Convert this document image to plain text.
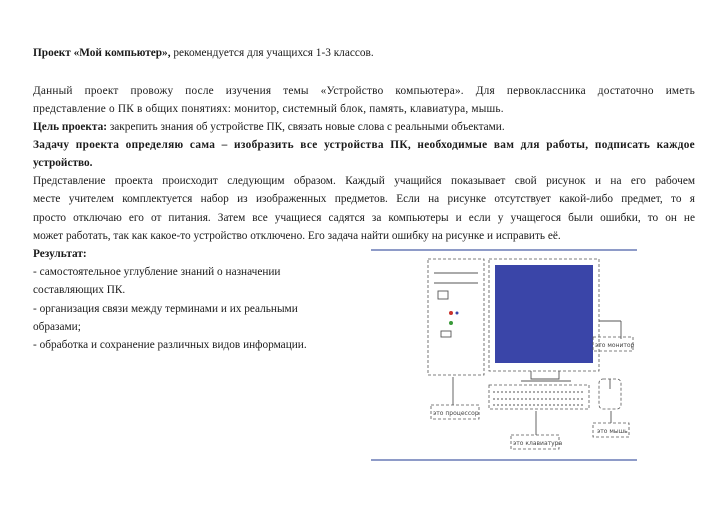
Проект «Мой компьютер», рекомендуется для учащихся 1-3 классов.

Данный проект провожу после изучения темы «Устройство компьютера». Для первоклассника достаточно иметь
представление о ПК в общих понятиях: монитор, системный блок, память, клавиатура, мышь.

Цель проекта: закрепить знания об устройстве ПК, связать новые слова с реальными объектами.

Задачу проекта определяю сама – изобразить все устройства ПК, необходимые вам для работы, подписать каждое
устройство.

Представление проекта происходит следующим образом. Каждый учащийся показывает свой рисунок и на его рабочем
месте учителем комплектуется набор из изображенных предметов. Если на рисунке отсутствует какой-либо предмет, то я
просто отключаю его от питания. Затем все учащиеся садятся за компьютеры и если у учащегося были ошибки, то он не
может работать, так как какое-то устройство отключено. Его задача найти ошибку на рисунке и исправить её.

Результат:
- самостоятельное углубление знаний о назначении
составляющих ПК.
- организация связи между терминами и их реальными
образами;
- обработка и сохранение различных видов информации.
это процессор
это монитор
это клавиатура
это мышь
